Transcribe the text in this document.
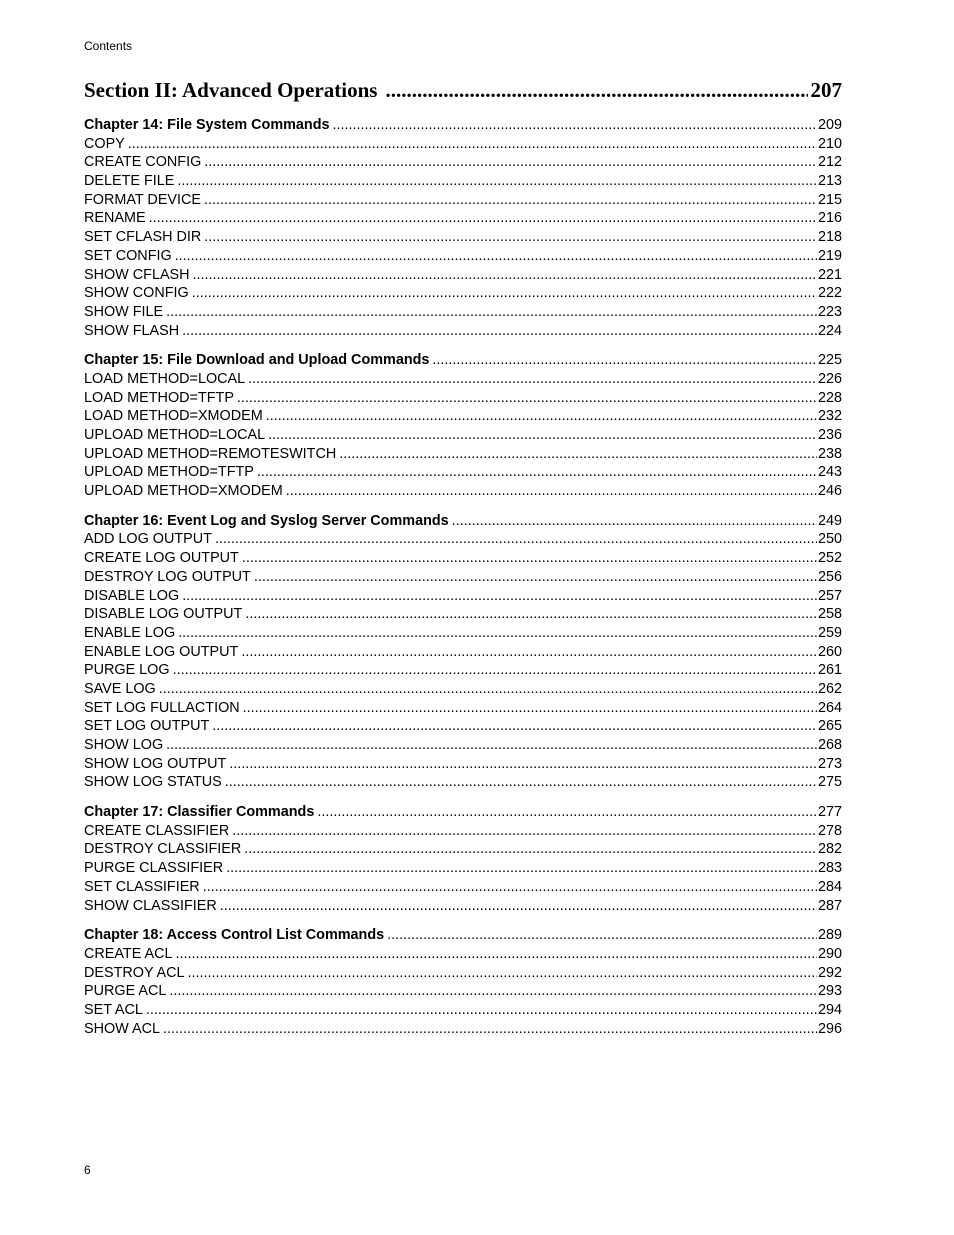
Contents
Section II: Advanced Operations .....	207
Chapter 14: File System Commands .....	209
COPY .....	210
CREATE CONFIG .....	212
DELETE FILE .....	213
FORMAT DEVICE .....	215
RENAME .....	216
SET CFLASH DIR .....	218
SET CONFIG .....	219
SHOW CFLASH .....	221
SHOW CONFIG .....	222
SHOW FILE .....	223
SHOW FLASH .....	224
Chapter 15: File Download and Upload Commands .....	225
LOAD METHOD=LOCAL .....	226
LOAD METHOD=TFTP .....	228
LOAD METHOD=XMODEM .....	232
UPLOAD METHOD=LOCAL .....	236
UPLOAD METHOD=REMOTESWITCH .....	238
UPLOAD METHOD=TFTP .....	243
UPLOAD METHOD=XMODEM .....	246
Chapter 16: Event Log and Syslog Server Commands .....	249
ADD LOG OUTPUT .....	250
CREATE LOG OUTPUT .....	252
DESTROY LOG OUTPUT .....	256
DISABLE LOG .....	257
DISABLE LOG OUTPUT .....	258
ENABLE LOG .....	259
ENABLE LOG OUTPUT .....	260
PURGE LOG .....	261
SAVE LOG .....	262
SET LOG FULLACTION .....	264
SET LOG OUTPUT .....	265
SHOW LOG .....	268
SHOW LOG OUTPUT .....	273
SHOW LOG STATUS .....	275
Chapter 17: Classifier Commands .....	277
CREATE CLASSIFIER .....	278
DESTROY CLASSIFIER .....	282
PURGE CLASSIFIER .....	283
SET CLASSIFIER .....	284
SHOW CLASSIFIER .....	287
Chapter 18: Access Control List Commands .....	289
CREATE ACL .....	290
DESTROY ACL .....	292
PURGE ACL .....	293
SET ACL .....	294
SHOW ACL .....	296
6
